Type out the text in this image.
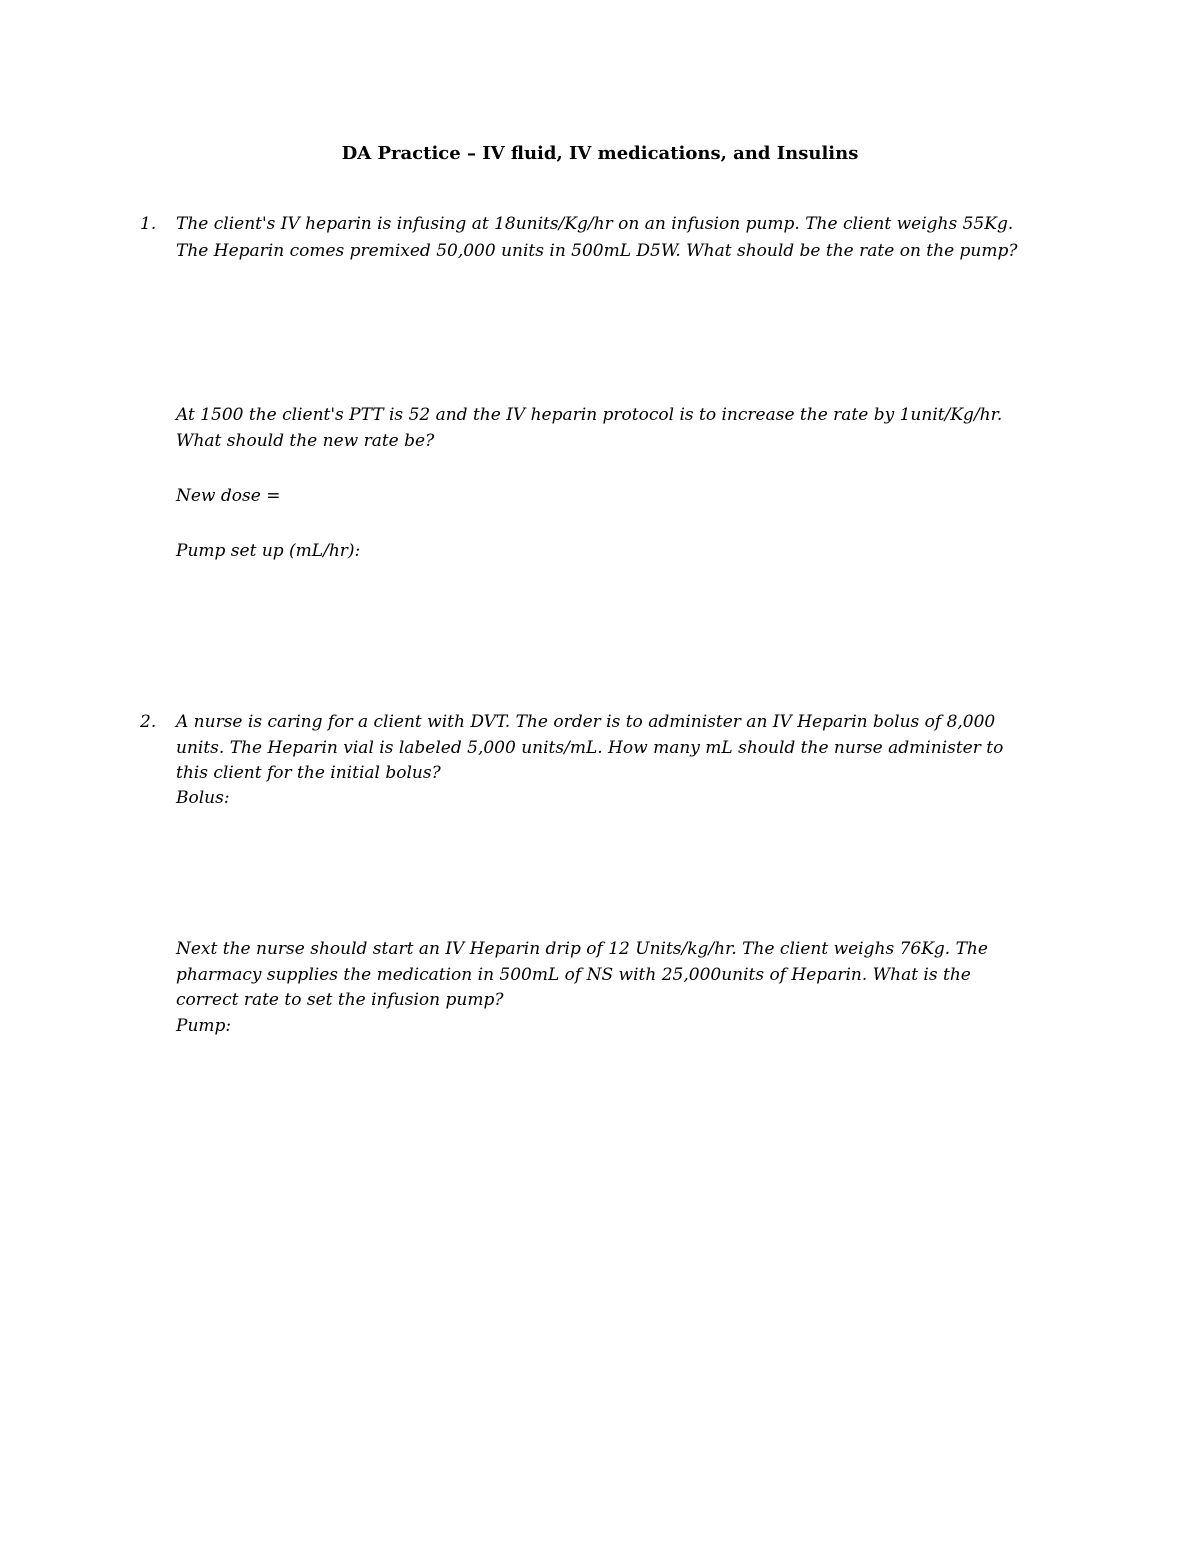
DA Practice – IV fluid, IV medications, and Insulins
1. The client's IV heparin is infusing at 18units/Kg/hr on an infusion pump. The client weighs 55Kg.
The Heparin comes premixed 50,000 units in 500mL D5W. What should be the rate on the pump?
At 1500 the client's PTT is 52 and the IV heparin protocol is to increase the rate by 1unit/Kg/hr.
What should the new rate be?
New dose =
Pump set up (mL/hr):
2. A nurse is caring for a client with DVT. The order is to administer an IV Heparin bolus of 8,000
units. The Heparin vial is labeled 5,000 units/mL. How many mL should the nurse administer to
this client for the initial bolus?
Bolus:
Next the nurse should start an IV Heparin drip of 12 Units/kg/hr. The client weighs 76Kg. The
pharmacy supplies the medication in 500mL of NS with 25,000units of Heparin. What is the
correct rate to set the infusion pump?
Pump:
